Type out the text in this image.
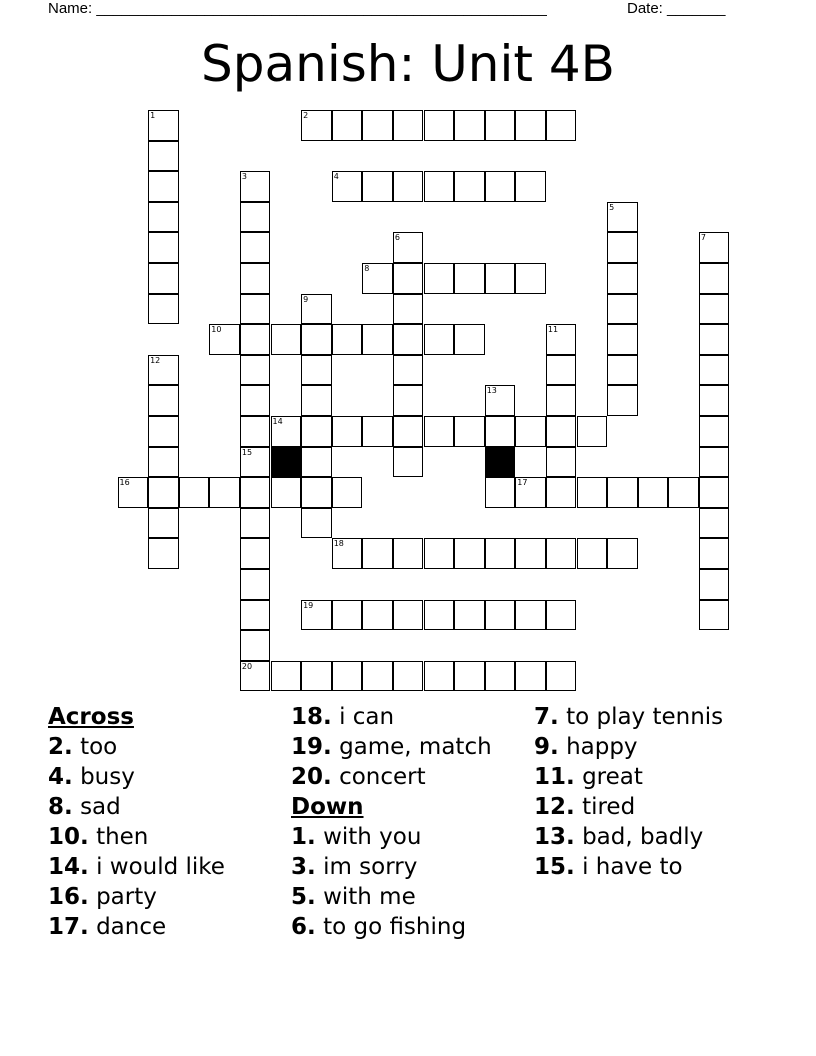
Name: ______________________________________________________	Date: _______
Spanish: Unit 4B
2
4
8
10
14
16	17
18
19
20
1
3
15
5
6	7
9
11
12
13
Across
2. too
4. busy
8. sad
10. then
14. i would like
16. party
17. dance
18. i can
19. game, match
20. concert
Down
1. with you
3. im sorry
5. with me
6. to go fishing
7. to play tennis
9. happy
11. great
12. tired
13. bad, badly
15. i have to
